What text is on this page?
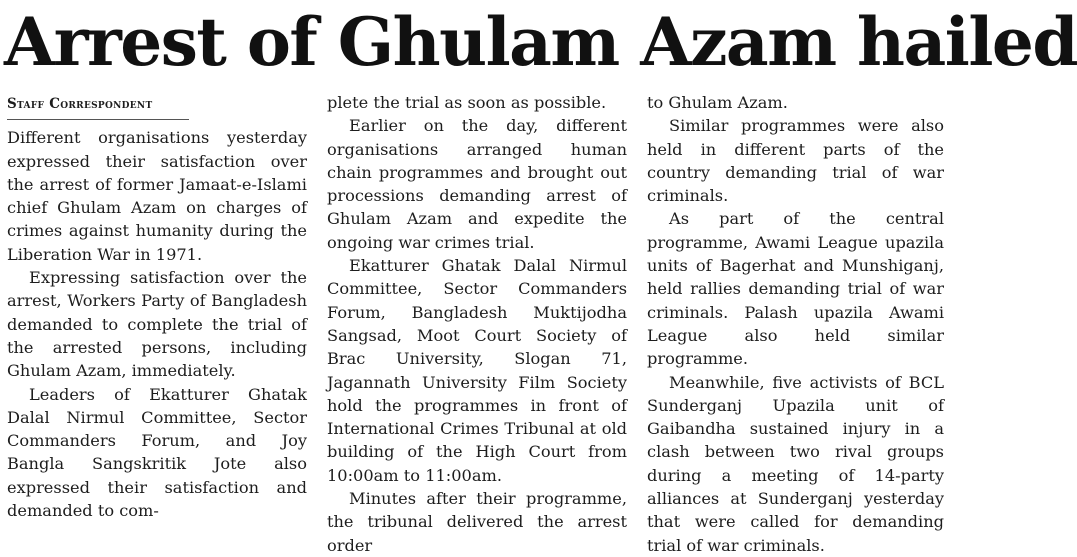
Arrest of Ghulam Azam hailed
Staff Correspondent

Different organisations yesterday expressed their satisfaction over the arrest of former Jamaat-e-Islami chief Ghulam Azam on charges of crimes against humanity during the Liberation War in 1971.

Expressing satisfaction over the arrest, Workers Party of Bangladesh demanded to complete the trial of the arrested persons, including Ghulam Azam, immediately.

Leaders of Ekatturer Ghatak Dalal Nirmul Committee, Sector Commanders Forum, and Joy Bangla Sangskritik Jote also expressed their satisfaction and demanded to com-

plete the trial as soon as possible.

Earlier on the day, different organisations arranged human chain programmes and brought out processions demanding arrest of Ghulam Azam and expedite the ongoing war crimes trial.

Ekatturer Ghatak Dalal Nirmul Committee, Sector Commanders Forum, Bangladesh Muktijodha Sangsad, Moot Court Society of Brac University, Slogan 71, Jagannath University Film Society hold the programmes in front of International Crimes Tribunal at old building of the High Court from 10:00am to 11:00am.

Minutes after their programme, the tribunal delivered the arrest order

to Ghulam Azam.

Similar programmes were also held in different parts of the country demanding trial of war criminals.

As part of the central programme, Awami League upazila units of Bagerhat and Munshiganj, held rallies demanding trial of war criminals. Palash upazila Awami League also held similar programme.

Meanwhile, five activists of BCL Sunderganj Upazila unit of Gaibandha sustained injury in a clash between two rival groups during a meeting of 14-party alliances at Sunderganj yesterday that were called for demanding trial of war criminals.
